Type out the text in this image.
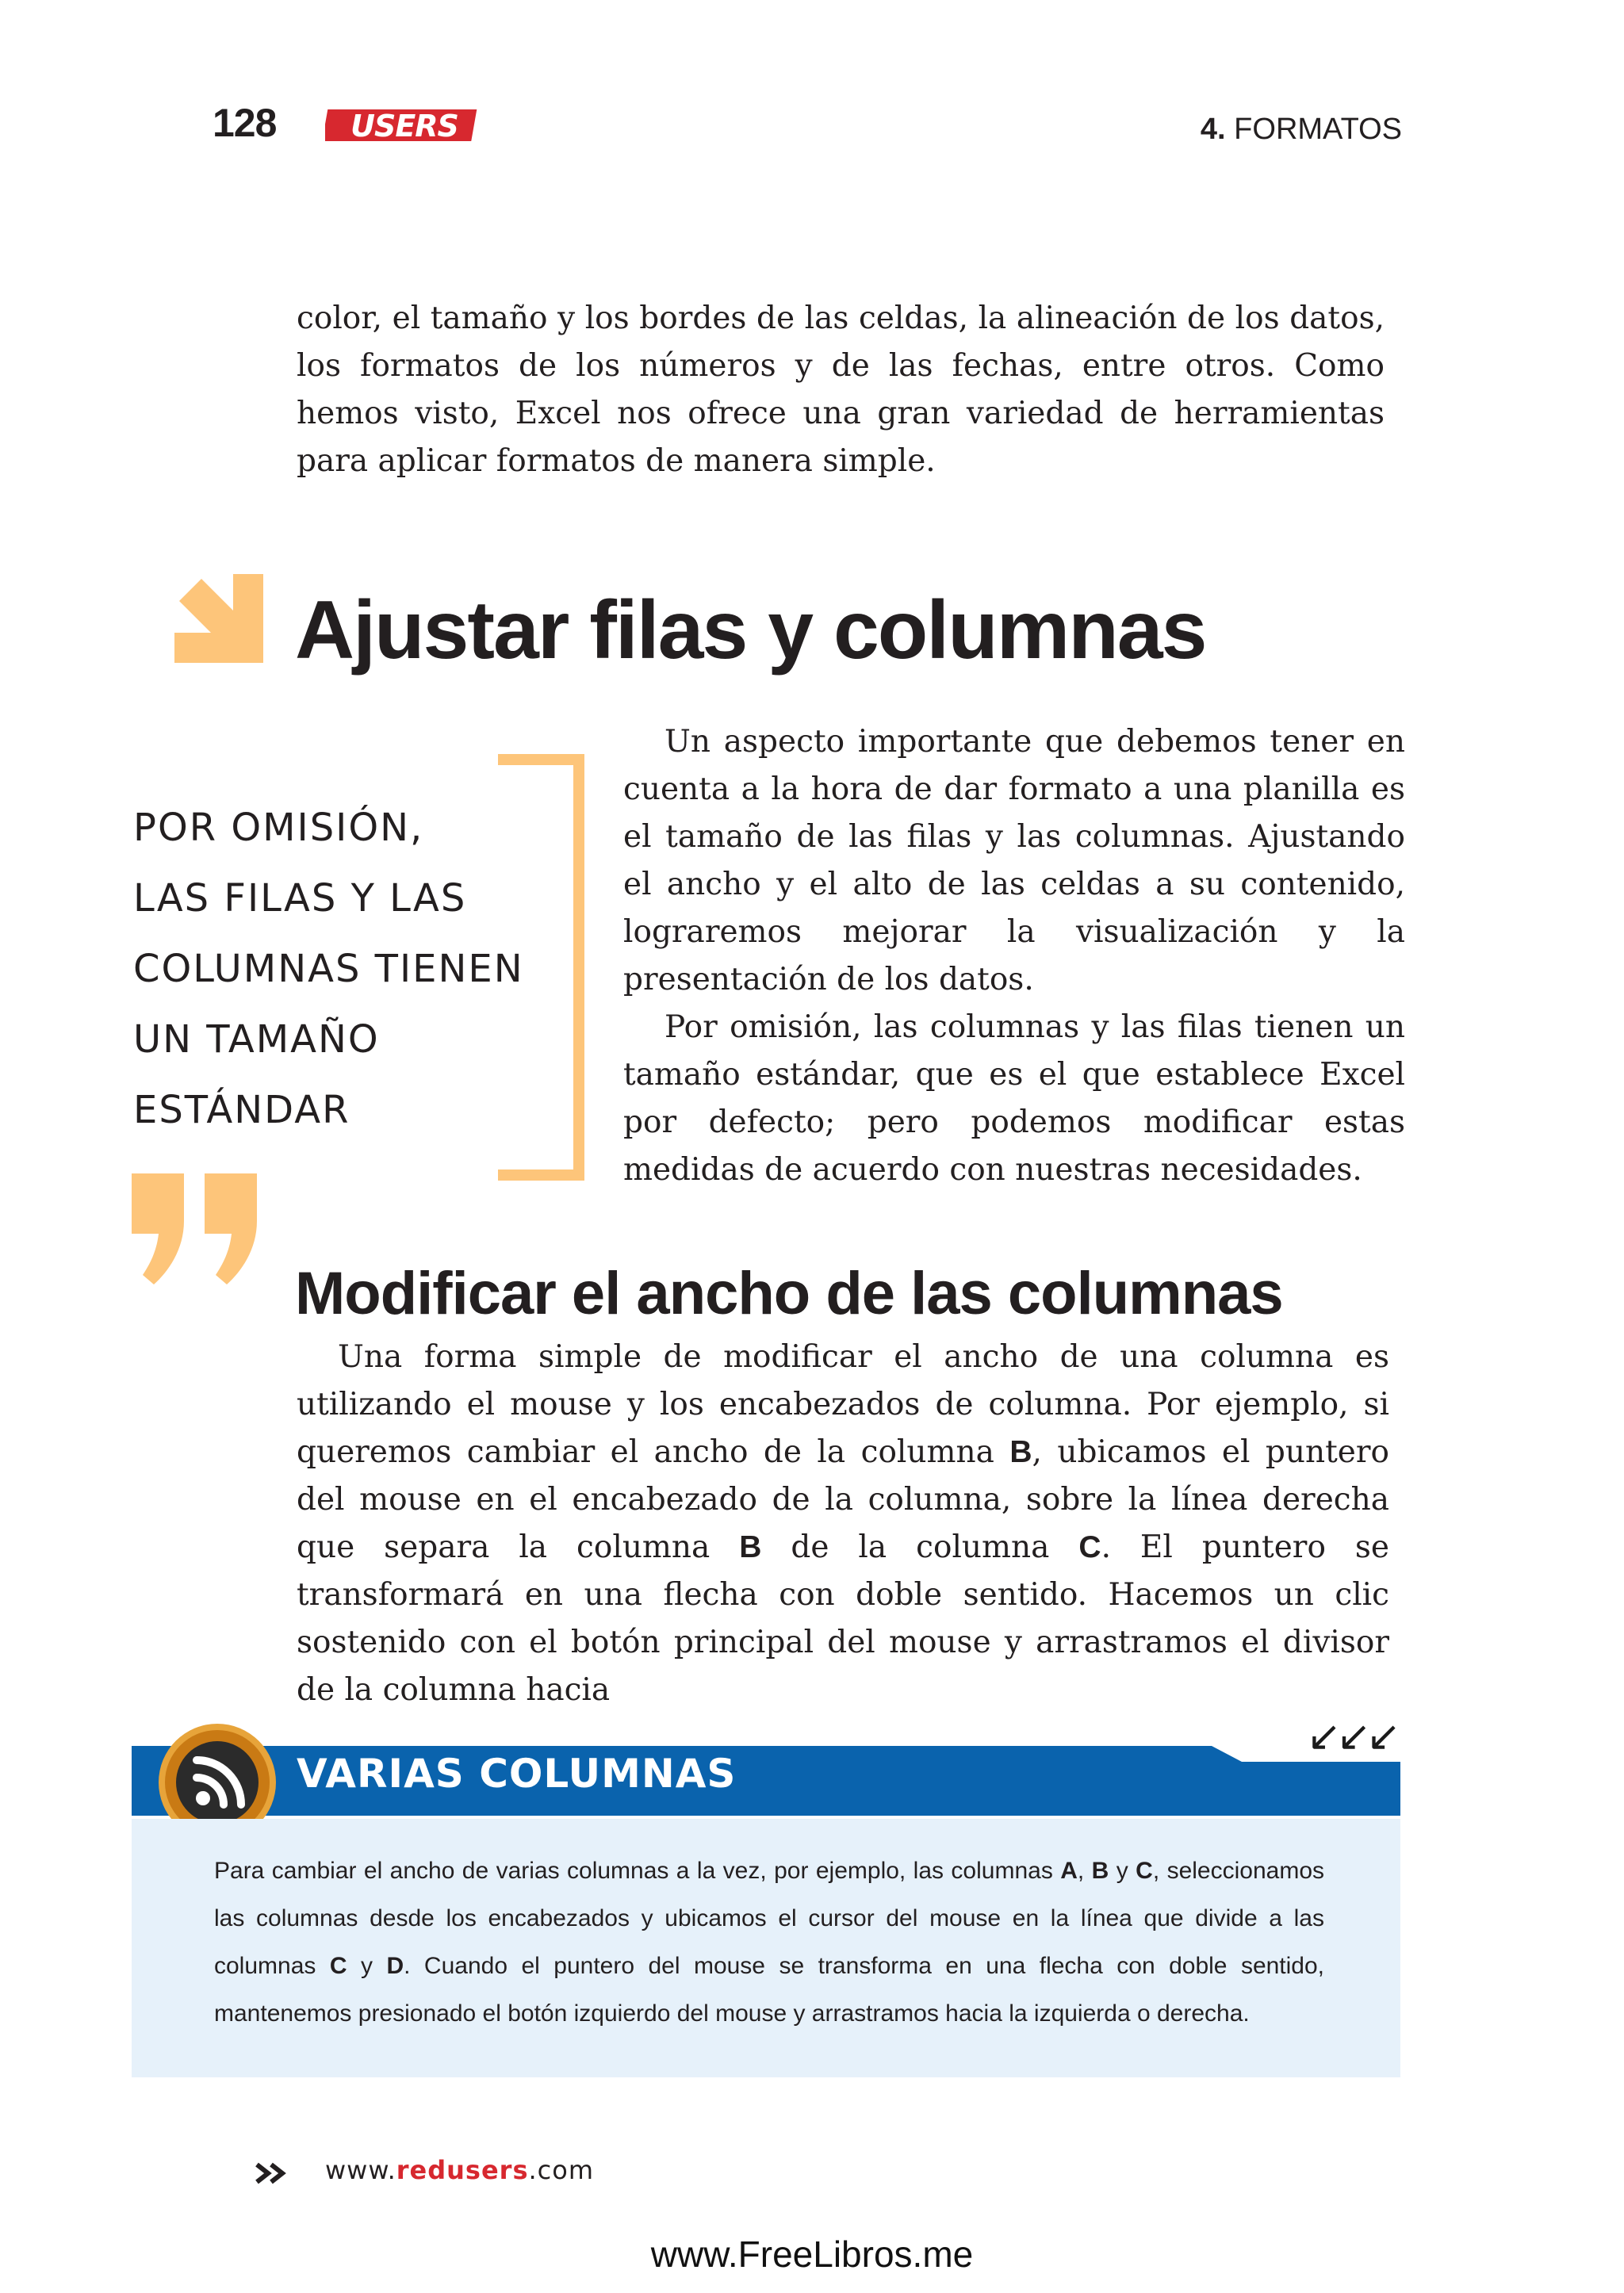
128 USERS	4. FORMATOS

color, el tamaño y los bordes de las celdas, la alineación de los datos, los formatos de los números y de las fechas, entre otros. Como hemos visto, Excel nos ofrece una gran variedad de herramientas para aplicar formatos de manera simple.

Ajustar filas y columnas
POR OMISIÓN,
LAS FILAS Y LAS
COLUMNAS TIENEN
UN TAMAÑO
ESTÁNDAR

Un aspecto importante que debemos tener en cuenta a la hora de dar formato a una planilla es el tamaño de las filas y las columnas. Ajustando el ancho y el alto de las celdas a su contenido, lograremos mejorar la visualización y la presentación de los datos.

Por omisión, las columnas y las filas tienen un tamaño estándar, que es el que establece Excel por defecto; pero podemos modificar estas medidas de acuerdo con nuestras necesidades.

Modificar el ancho de las columnas

Una forma simple de modificar el ancho de una columna es utilizando el mouse y los encabezados de columna. Por ejemplo, si queremos cambiar el ancho de la columna B, ubicamos el puntero del mouse en el encabezado de la columna, sobre la línea derecha que separa la columna B de la columna C. El puntero se transformará en una flecha con doble sentido. Hacemos un clic sostenido con el botón principal del mouse y arrastramos el divisor de la columna hacia

↙↙↙
VARIAS COLUMNAS

Para cambiar el ancho de varias columnas a la vez, por ejemplo, las columnas A, B y C, seleccionamos las columnas desde los encabezados y ubicamos el cursor del mouse en la línea que divide a las columnas C y D. Cuando el puntero del mouse se transforma en una flecha con doble sentido, mantenemos presionado el botón izquierdo del mouse y arrastramos hacia la izquierda o derecha.

www.redusers.com
www.FreeLibros.me
